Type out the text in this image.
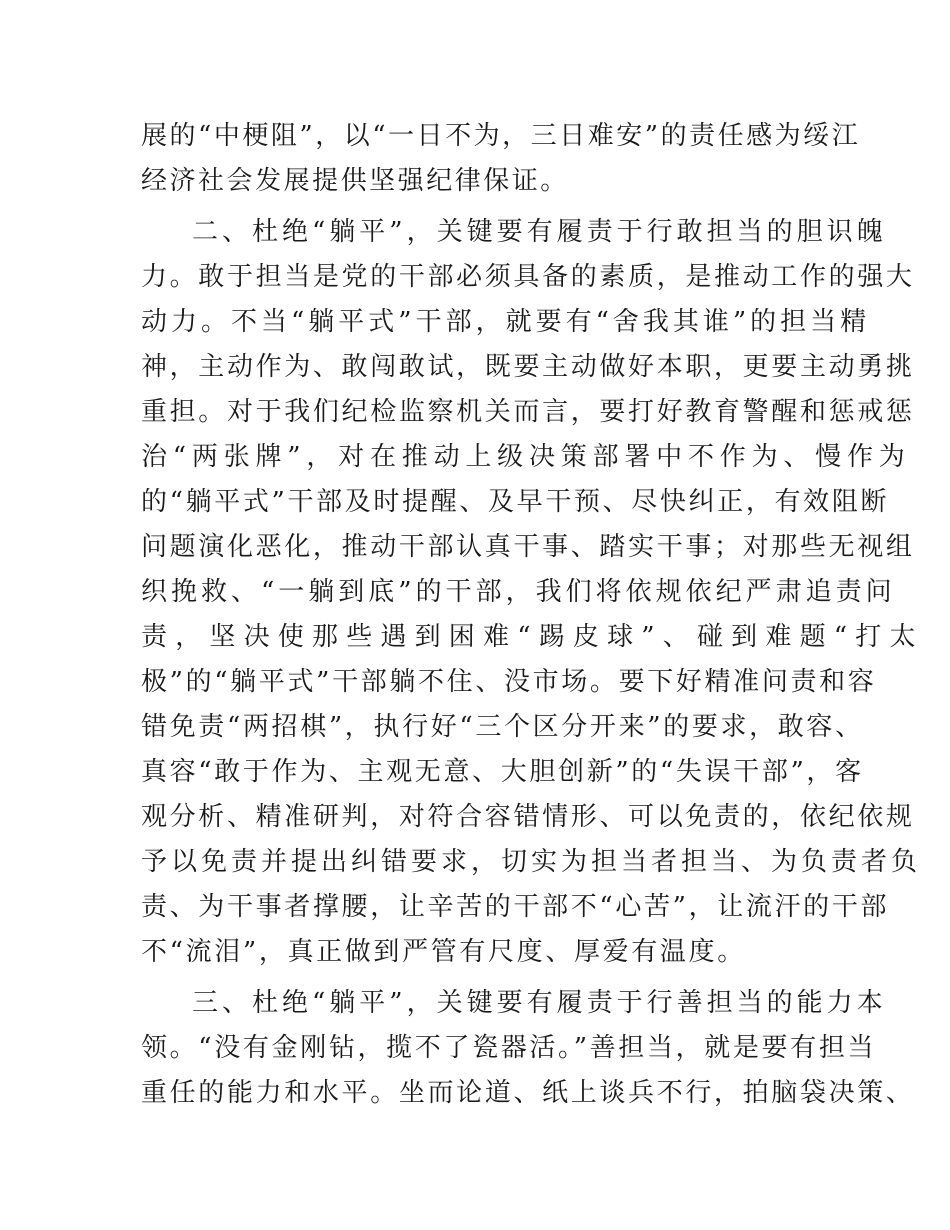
展的“中梗阻”，以“一日不为，三日难安”的责任感为绥江
经济社会发展提供坚强纪律保证。
二、杜绝“躺平”，关键要有履责于行敢担当的胆识魄
力。敢于担当是党的干部必须具备的素质，是推动工作的强大
动力。不当“躺平式”干部，就要有“舍我其谁”的担当精
神，主动作为、敢闯敢试，既要主动做好本职，更要主动勇挑
重担。对于我们纪检监察机关而言，要打好教育警醒和惩戒惩
治“两张牌”，对在推动上级决策部署中不作为、慢作为
的“躺平式”干部及时提醒、及早干预、尽快纠正，有效阻断
问题演化恶化，推动干部认真干事、踏实干事；对那些无视组
织挽救、“一躺到底”的干部，我们将依规依纪严肃追责问
责，坚决使那些遇到困难“踢皮球”、碰到难题“打太
极”的“躺平式”干部躺不住、没市场。要下好精准问责和容
错免责“两招棋”，执行好“三个区分开来”的要求，敢容、
真容“敢于作为、主观无意、大胆创新”的“失误干部”，客
观分析、精准研判，对符合容错情形、可以免责的，依纪依规
予以免责并提出纠错要求，切实为担当者担当、为负责者负
责、为干事者撑腰，让辛苦的干部不“心苦”，让流汗的干部
不“流泪”，真正做到严管有尺度、厚爱有温度。
三、杜绝“躺平”，关键要有履责于行善担当的能力本
领。“没有金刚钻，揽不了瓷器活。”善担当，就是要有担当
重任的能力和水平。坐而论道、纸上谈兵不行，拍脑袋决策、
